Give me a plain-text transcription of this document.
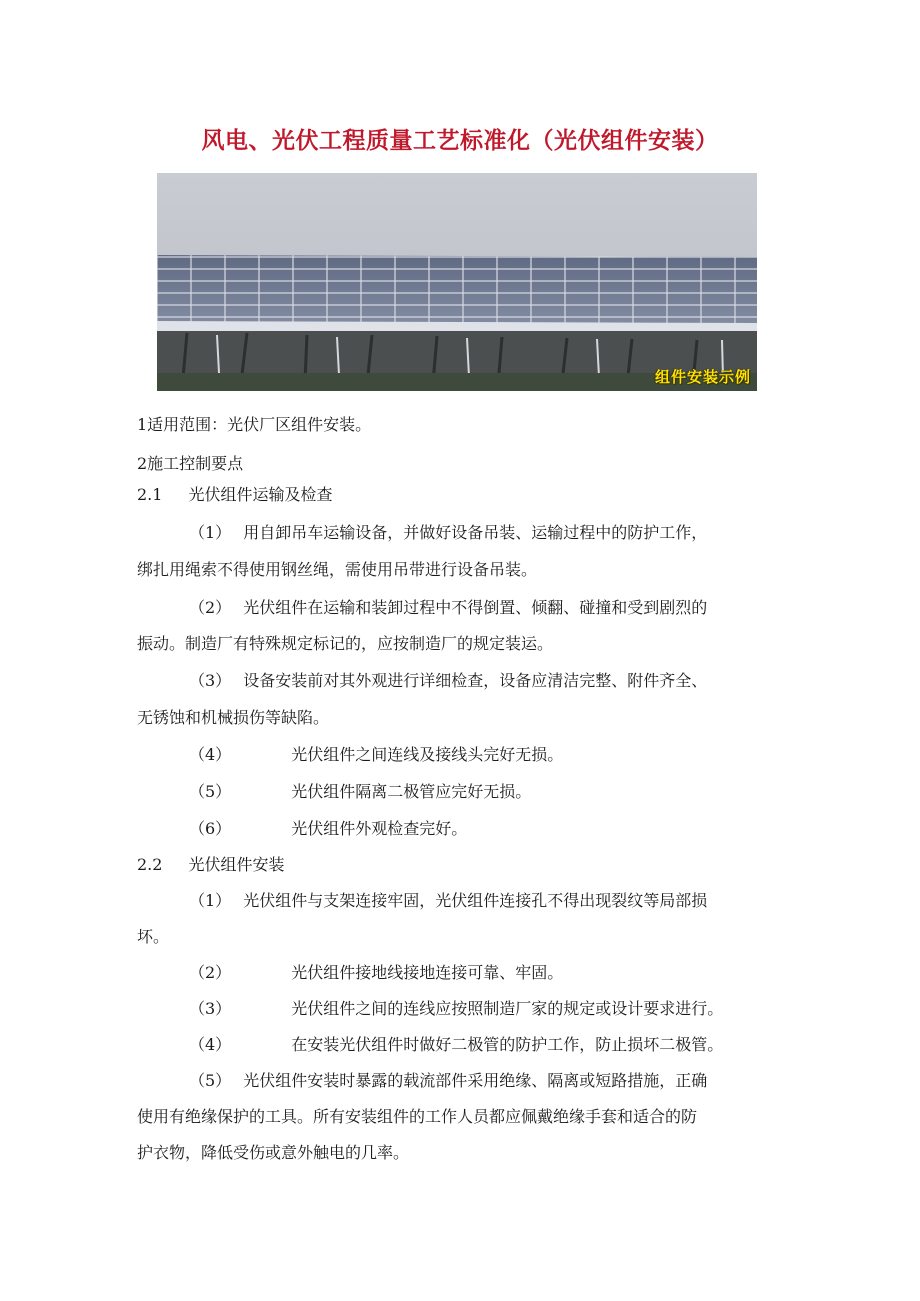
风电、光伏工程质量工艺标准化（光伏组件安装）
组件安装示例

1适用范围：光伏厂区组件安装。

2施工控制要点

2.1 光伏组件运输及检查

（1） 用自卸吊车运输设备，并做好设备吊装、运输过程中的防护工作，

绑扎用绳索不得使用钢丝绳，需使用吊带进行设备吊装。

（2） 光伏组件在运输和装卸过程中不得倒置、倾翻、碰撞和受到剧烈的

振动。制造厂有特殊规定标记的，应按制造厂的规定装运。

（3） 设备安装前对其外观进行详细检查，设备应清洁完整、附件齐全、

无锈蚀和机械损伤等缺陷。

（4）	光伏组件之间连线及接线头完好无损。

（5）	光伏组件隔离二极管应完好无损。

（6）	光伏组件外观检查完好。

2.2 光伏组件安装

（1） 光伏组件与支架连接牢固，光伏组件连接孔不得出现裂纹等局部损

坏。

（2）	光伏组件接地线接地连接可靠、牢固。

（3）	光伏组件之间的连线应按照制造厂家的规定或设计要求进行。

（4）	在安装光伏组件时做好二极管的防护工作，防止损坏二极管。

（5） 光伏组件安装时暴露的载流部件采用绝缘、隔离或短路措施，正确

使用有绝缘保护的工具。所有安装组件的工作人员都应佩戴绝缘手套和适合的防

护衣物，降低受伤或意外触电的几率。
